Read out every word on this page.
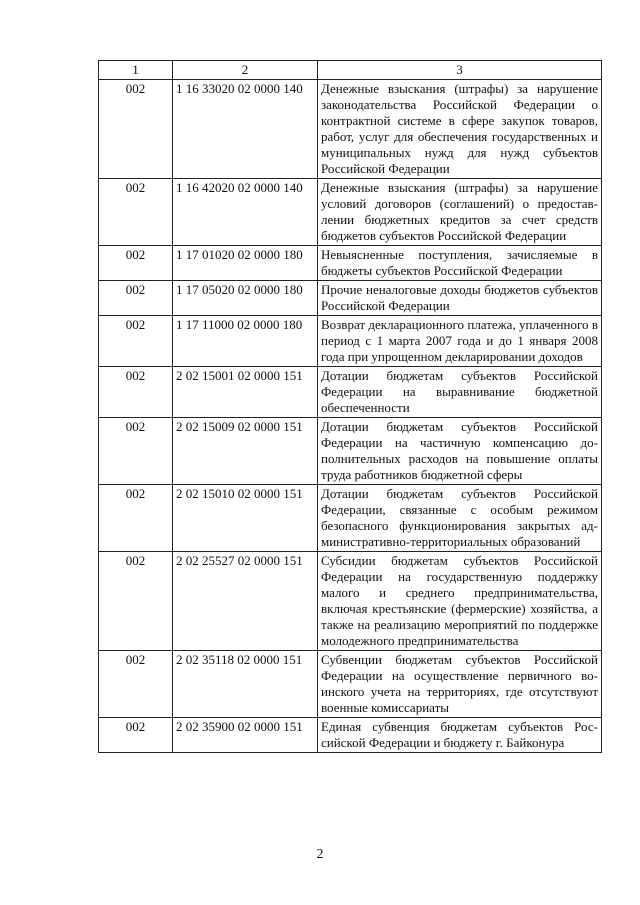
1	2	3
002	1 16 33020 02 0000 140	Денежные взыскания (штрафы) за нарушение законодательства Российской Федерации о контрактной системе в сфере закупок товаров, работ, услуг для обеспечения государственных и муниципальных нужд для нужд субъектов Российской Федерации
002	1 16 42020 02 0000 140	Денежные взыскания (штрафы) за нарушение условий договоров (соглашений) о предоставлении бюджетных кредитов за счет средств бюджетов субъектов Российской Федерации
002	1 17 01020 02 0000 180	Невыясненные поступления, зачисляемые в бюджеты субъектов Российской Федерации
002	1 17 05020 02 0000 180	Прочие неналоговые доходы бюджетов субъектов Российской Федерации
002	1 17 11000 02 0000 180	Возврат декларационного платежа, уплаченного в период с 1 марта 2007 года и до 1 января 2008 года при упрощенном декларировании доходов
002	2 02 15001 02 0000 151	Дотации бюджетам субъектов Российской Федерации на выравнивание бюджетной обеспеченности
002	2 02 15009 02 0000 151	Дотации бюджетам субъектов Российской Федерации на частичную компенсацию дополнительных расходов на повышение оплаты труда работников бюджетной сферы
002	2 02 15010 02 0000 151	Дотации бюджетам субъектов Российской Федерации, связанные с особым режимом безопасного функционирования закрытых административно-территориальных образований
002	2 02 25527 02 0000 151	Субсидии бюджетам субъектов Российской Федерации на государственную поддержку малого и среднего предпринимательства, включая крестьянские (фермерские) хозяйства, а также на реализацию мероприятий по поддержке молодежного предпринимательства
002	2 02 35118 02 0000 151	Субвенции бюджетам субъектов Российской Федерации на осуществление первичного воинского учета на территориях, где отсутствуют военные комиссариаты
002	2 02 35900 02 0000 151	Единая субвенция бюджетам субъектов Российской Федерации и бюджету г. Байконура
2
